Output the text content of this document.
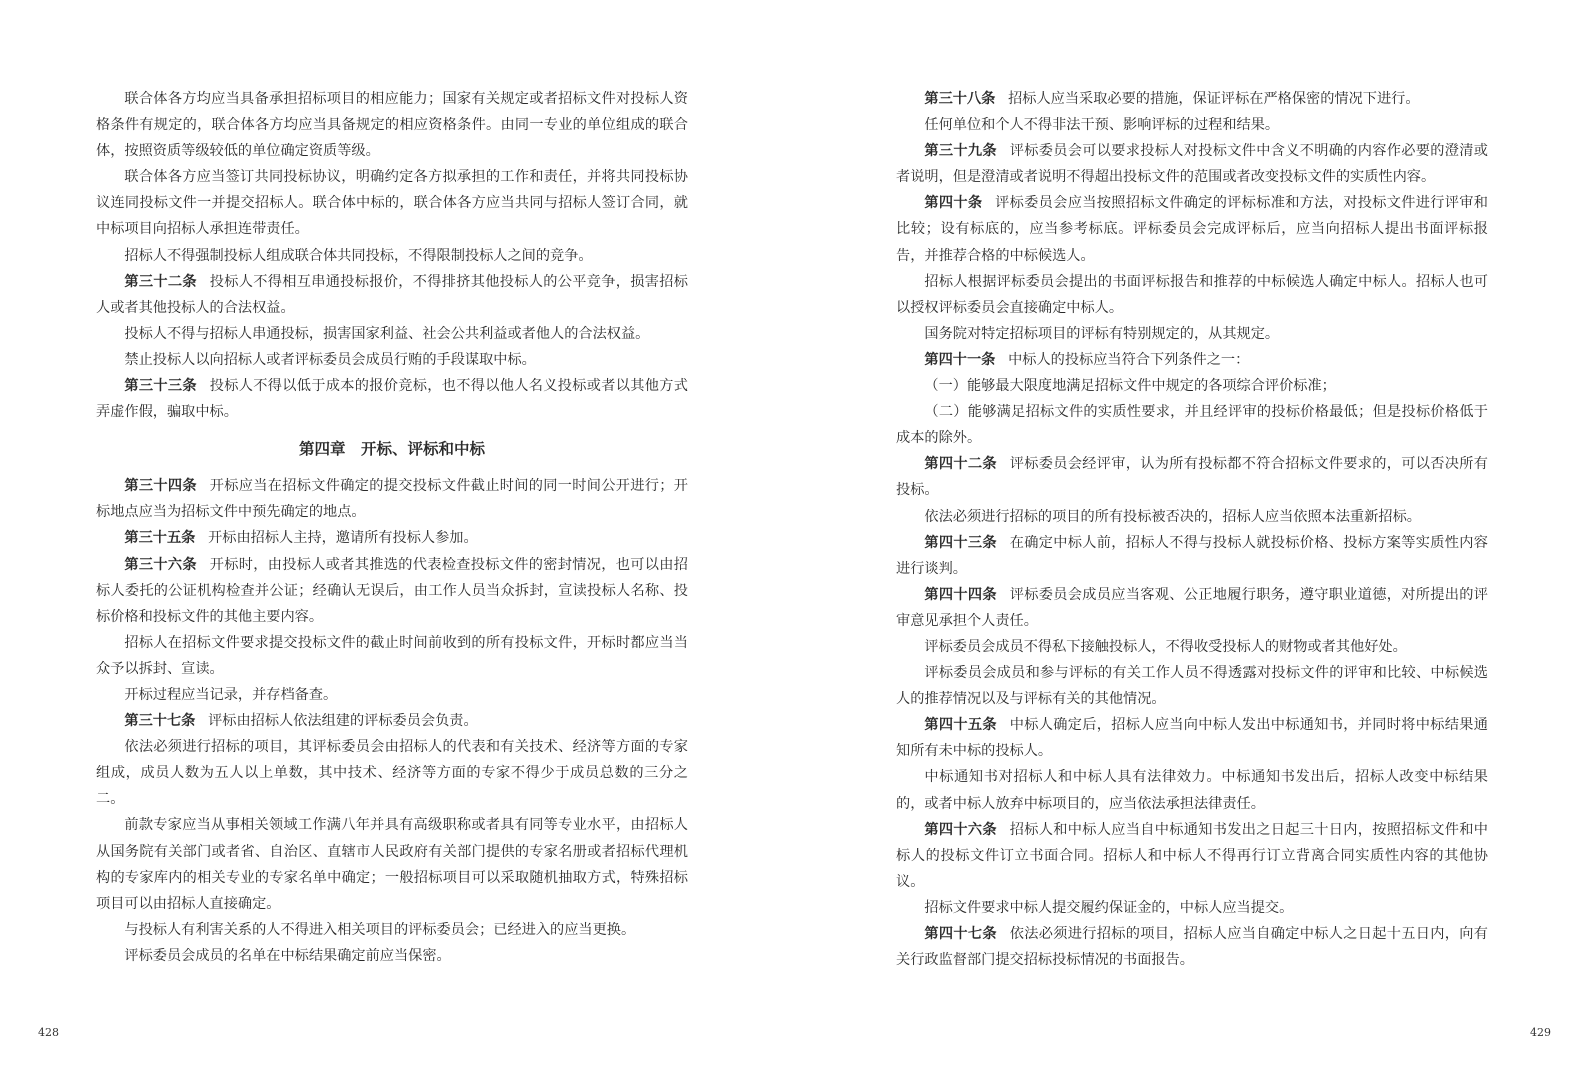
联合体各方均应当具备承担招标项目的相应能力；国家有关规定或者招标文件对投标人资格条件有规定的，联合体各方均应当具备规定的相应资格条件。由同一专业的单位组成的联合体，按照资质等级较低的单位确定资质等级。

联合体各方应当签订共同投标协议，明确约定各方拟承担的工作和责任，并将共同投标协议连同投标文件一并提交招标人。联合体中标的，联合体各方应当共同与招标人签订合同，就中标项目向招标人承担连带责任。

招标人不得强制投标人组成联合体共同投标，不得限制投标人之间的竞争。

第三十二条 投标人不得相互串通投标报价，不得排挤其他投标人的公平竞争，损害招标人或者其他投标人的合法权益。

投标人不得与招标人串通投标，损害国家利益、社会公共利益或者他人的合法权益。

禁止投标人以向招标人或者评标委员会成员行贿的手段谋取中标。

第三十三条 投标人不得以低于成本的报价竞标，也不得以他人名义投标或者以其他方式弄虚作假，骗取中标。

第四章　开标、评标和中标

第三十四条 开标应当在招标文件确定的提交投标文件截止时间的同一时间公开进行；开标地点应当为招标文件中预先确定的地点。

第三十五条 开标由招标人主持，邀请所有投标人参加。

第三十六条 开标时，由投标人或者其推选的代表检查投标文件的密封情况，也可以由招标人委托的公证机构检查并公证；经确认无误后，由工作人员当众拆封，宣读投标人名称、投标价格和投标文件的其他主要内容。

招标人在招标文件要求提交投标文件的截止时间前收到的所有投标文件，开标时都应当当众予以拆封、宣读。

开标过程应当记录，并存档备查。

第三十七条 评标由招标人依法组建的评标委员会负责。

依法必须进行招标的项目，其评标委员会由招标人的代表和有关技术、经济等方面的专家组成，成员人数为五人以上单数，其中技术、经济等方面的专家不得少于成员总数的三分之二。

前款专家应当从事相关领域工作满八年并具有高级职称或者具有同等专业水平，由招标人从国务院有关部门或者省、自治区、直辖市人民政府有关部门提供的专家名册或者招标代理机构的专家库内的相关专业的专家名单中确定；一般招标项目可以采取随机抽取方式，特殊招标项目可以由招标人直接确定。

与投标人有利害关系的人不得进入相关项目的评标委员会；已经进入的应当更换。

评标委员会成员的名单在中标结果确定前应当保密。

第三十八条 招标人应当采取必要的措施，保证评标在严格保密的情况下进行。

任何单位和个人不得非法干预、影响评标的过程和结果。

第三十九条 评标委员会可以要求投标人对投标文件中含义不明确的内容作必要的澄清或者说明，但是澄清或者说明不得超出投标文件的范围或者改变投标文件的实质性内容。

第四十条 评标委员会应当按照招标文件确定的评标标准和方法，对投标文件进行评审和比较；设有标底的，应当参考标底。评标委员会完成评标后，应当向招标人提出书面评标报告，并推荐合格的中标候选人。

招标人根据评标委员会提出的书面评标报告和推荐的中标候选人确定中标人。招标人也可以授权评标委员会直接确定中标人。

国务院对特定招标项目的评标有特别规定的，从其规定。

第四十一条 中标人的投标应当符合下列条件之一：

（一）能够最大限度地满足招标文件中规定的各项综合评价标准；

（二）能够满足招标文件的实质性要求，并且经评审的投标价格最低；但是投标价格低于成本的除外。

第四十二条 评标委员会经评审，认为所有投标都不符合招标文件要求的，可以否决所有投标。

依法必须进行招标的项目的所有投标被否决的，招标人应当依照本法重新招标。

第四十三条 在确定中标人前，招标人不得与投标人就投标价格、投标方案等实质性内容进行谈判。

第四十四条 评标委员会成员应当客观、公正地履行职务，遵守职业道德，对所提出的评审意见承担个人责任。

评标委员会成员不得私下接触投标人，不得收受投标人的财物或者其他好处。

评标委员会成员和参与评标的有关工作人员不得透露对投标文件的评审和比较、中标候选人的推荐情况以及与评标有关的其他情况。

第四十五条 中标人确定后，招标人应当向中标人发出中标通知书，并同时将中标结果通知所有未中标的投标人。

中标通知书对招标人和中标人具有法律效力。中标通知书发出后，招标人改变中标结果的，或者中标人放弃中标项目的，应当依法承担法律责任。

第四十六条 招标人和中标人应当自中标通知书发出之日起三十日内，按照招标文件和中标人的投标文件订立书面合同。招标人和中标人不得再行订立背离合同实质性内容的其他协议。

招标文件要求中标人提交履约保证金的，中标人应当提交。

第四十七条 依法必须进行招标的项目，招标人应当自确定中标人之日起十五日内，向有关行政监督部门提交招标投标情况的书面报告。

428	429
